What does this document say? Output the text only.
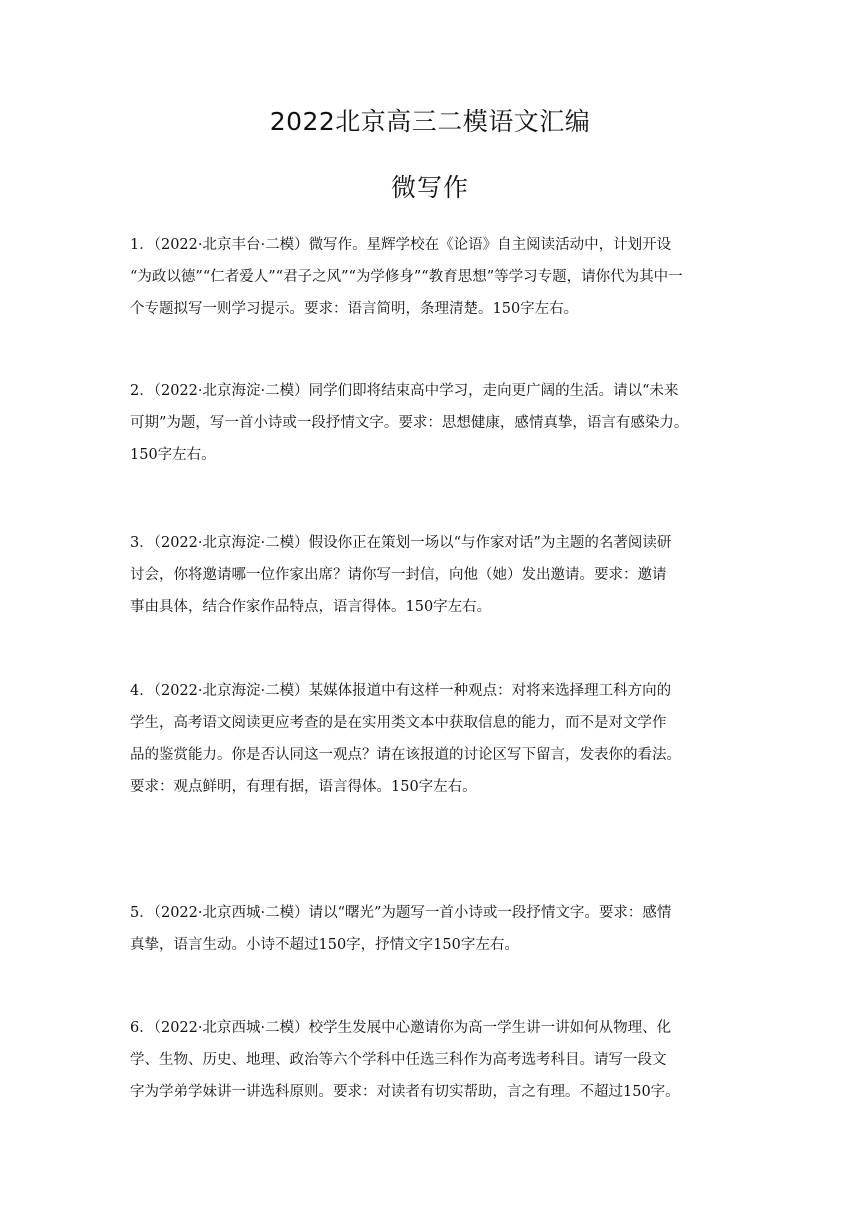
2022北京高三二模语文汇编
微写作
1．（2022·北京丰台·二模）微写作。星辉学校在《论语》自主阅读活动中，计划开设
“为政以德”“仁者爱人”“君子之风”“为学修身”“教育思想”等学习专题，请你代为其中一
个专题拟写一则学习提示。要求：语言简明，条理清楚。150字左右。
2．（2022·北京海淀·二模）同学们即将结束高中学习，走向更广阔的生活。请以“未来
可期”为题，写一首小诗或一段抒情文字。要求：思想健康，感情真挚，语言有感染力。
150字左右。
3．（2022·北京海淀·二模）假设你正在策划一场以“与作家对话”为主题的名著阅读研
讨会，你将邀请哪一位作家出席？请你写一封信，向他（她）发出邀请。要求：邀请
事由具体，结合作家作品特点，语言得体。150字左右。
4．（2022·北京海淀·二模）某媒体报道中有这样一种观点：对将来选择理工科方向的
学生，高考语文阅读更应考查的是在实用类文本中获取信息的能力，而不是对文学作
品的鉴赏能力。你是否认同这一观点？请在该报道的讨论区写下留言，发表你的看法。
要求：观点鲜明，有理有据，语言得体。150字左右。
5．（2022·北京西城·二模）请以“曙光”为题写一首小诗或一段抒情文字。要求：感情
真挚，语言生动。小诗不超过150字，抒情文字150字左右。
6．（2022·北京西城·二模）校学生发展中心邀请你为高一学生讲一讲如何从物理、化
学、生物、历史、地理、政治等六个学科中任选三科作为高考选考科目。请写一段文
字为学弟学妹讲一讲选科原则。要求：对读者有切实帮助，言之有理。不超过150字。
